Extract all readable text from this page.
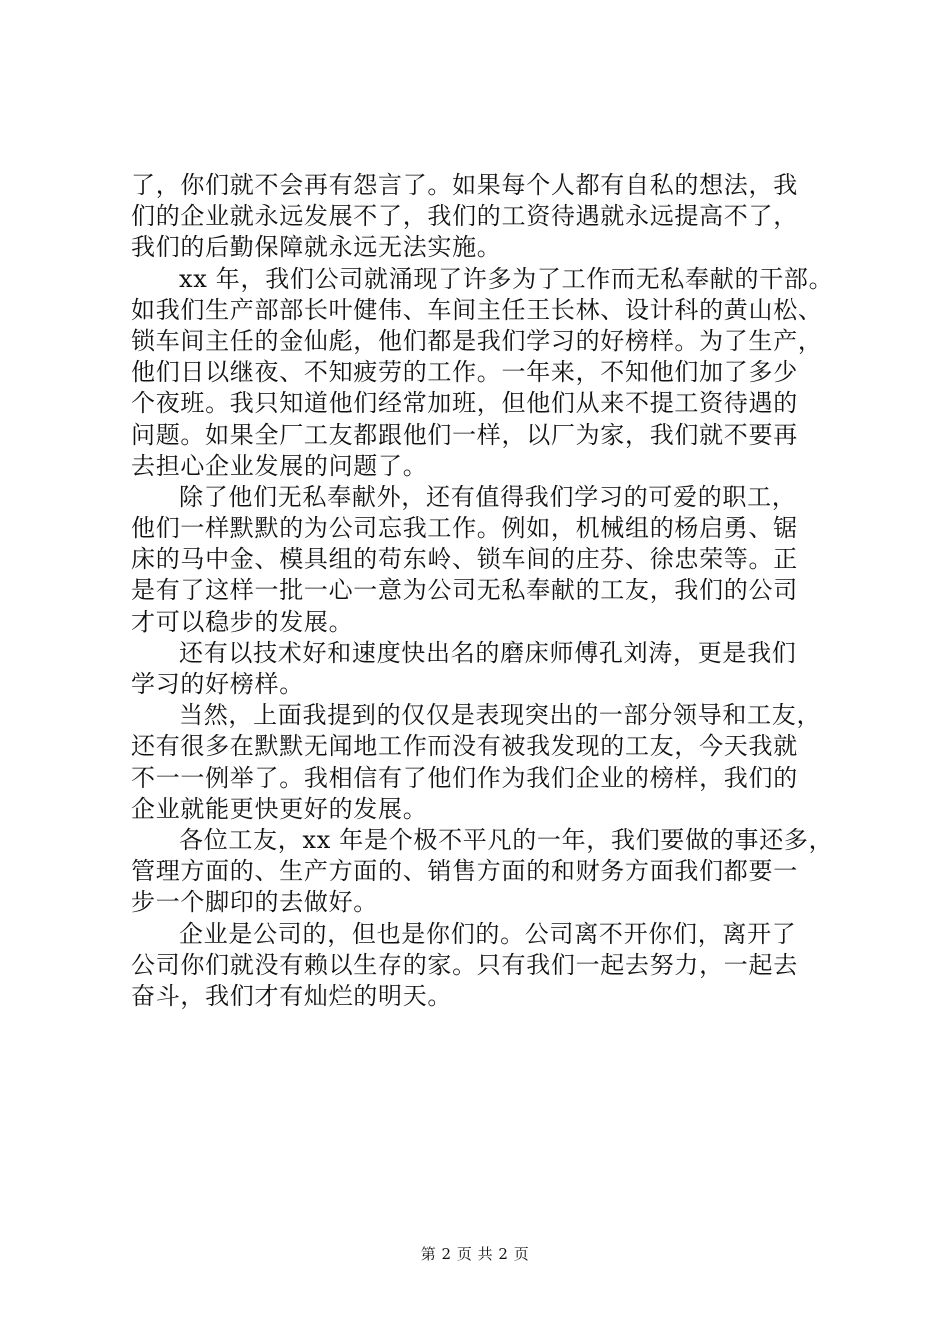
了，你们就不会再有怨言了。如果每个人都有自私的想法，我
们的企业就永远发展不了，我们的工资待遇就永远提高不了，
我们的后勤保障就永远无法实施。
xx 年，我们公司就涌现了许多为了工作而无私奉献的干部。
如我们生产部部长叶健伟、车间主任王长林、设计科的黄山松、
锁车间主任的金仙彪，他们都是我们学习的好榜样。为了生产，
他们日以继夜、不知疲劳的工作。一年来，不知他们加了多少
个夜班。我只知道他们经常加班，但他们从来不提工资待遇的
问题。如果全厂工友都跟他们一样，以厂为家，我们就不要再
去担心企业发展的问题了。
除了他们无私奉献外，还有值得我们学习的可爱的职工，
他们一样默默的为公司忘我工作。例如，机械组的杨启勇、锯
床的马中金、模具组的苟东岭、锁车间的庄芬、徐忠荣等。正
是有了这样一批一心一意为公司无私奉献的工友，我们的公司
才可以稳步的发展。
还有以技术好和速度快出名的磨床师傅孔刘涛，更是我们
学习的好榜样。
当然，上面我提到的仅仅是表现突出的一部分领导和工友，
还有很多在默默无闻地工作而没有被我发现的工友，今天我就
不一一例举了。我相信有了他们作为我们企业的榜样，我们的
企业就能更快更好的发展。
各位工友，xx 年是个极不平凡的一年，我们要做的事还多，
管理方面的、生产方面的、销售方面的和财务方面我们都要一
步一个脚印的去做好。
企业是公司的，但也是你们的。公司离不开你们，离开了
公司你们就没有赖以生存的家。只有我们一起去努力，一起去
奋斗，我们才有灿烂的明天。
第 2 页 共 2 页
